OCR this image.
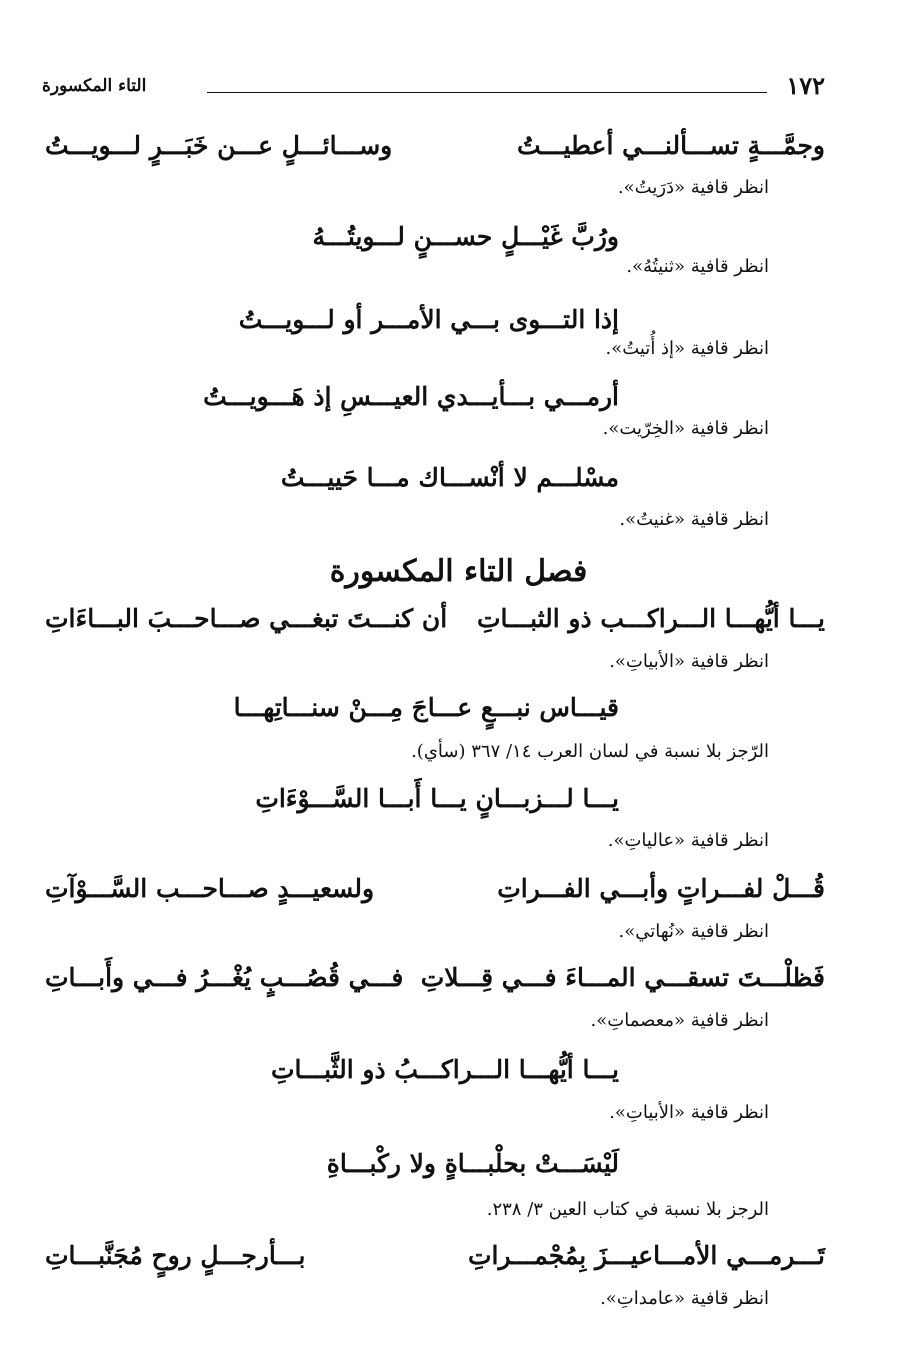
١٧٢
التاء المكسورة
وجمَّـــةٍ تســـألنـــي أعطيـــتُ
وســـائـــلٍ عـــن خَبَـــرٍ لـــويـــتُ
انظر قافية «دَرَيتُ».
ورُبَّ غَيْـــلٍ حســـنٍ لـــويتُـــهُ
انظر قافية «ثنيتُهُ».
إذا التـــوى بـــي الأمـــر أو لـــويـــتُ
انظر قافية «إذ أُتيتُ».
أرمـــي بـــأيـــدي العيـــسِ إذ هَـــويـــتُ
انظر قافية «الخِرّيت».
مسْلـــم لا أنْســـاك مـــا حَييـــتُ
انظر قافية «غنيتُ».
فصل التاء المكسورة
يـــا أيُّهـــا الـــراكـــب ذو الثبـــاتِ
أن كنـــتَ تبغـــي صـــاحـــبَ البـــاءَاتِ
انظر قافية «الأبياتِ».
قيـــاس نبـــعٍ عـــاجَ مِـــنْ سنـــاتِهـــا
الرّجز بلا نسبة في لسان العرب ١٤/ ٣٦٧ (سأي).
يـــا لـــزبـــانٍ يـــا أَبـــا السَّـــوْءَاتِ
انظر قافية «عالياتِ».
قُـــلْ لفـــراتٍ وأبـــي الفـــراتِ
ولسعيـــدٍ صـــاحـــب السَّـــوْآتِ
انظر قافية «نُهاتي».
فَظلْـــتَ تسقـــي المـــاءَ فـــي قِـــلاتِ
فـــي قُصُـــبٍ يُغْـــرُ فـــي وأَبـــاتِ
انظر قافية «معصماتِ».
يـــا أيُّهـــا الـــراكـــبُ ذو الثَّبـــاتِ
انظر قافية «الأبياتِ».
لَيْسَـــتْ بحلْبـــاةٍ ولا ركْبـــاةِ
الرجز بلا نسبة في كتاب العين ٣/ ٢٣٨.
تَـــرمـــي الأمـــاعيـــزَ بِمُجْمـــراتِ
بـــأرجـــلٍ روحٍ مُجَنَّبـــاتِ
انظر قافية «عامداتِ».
